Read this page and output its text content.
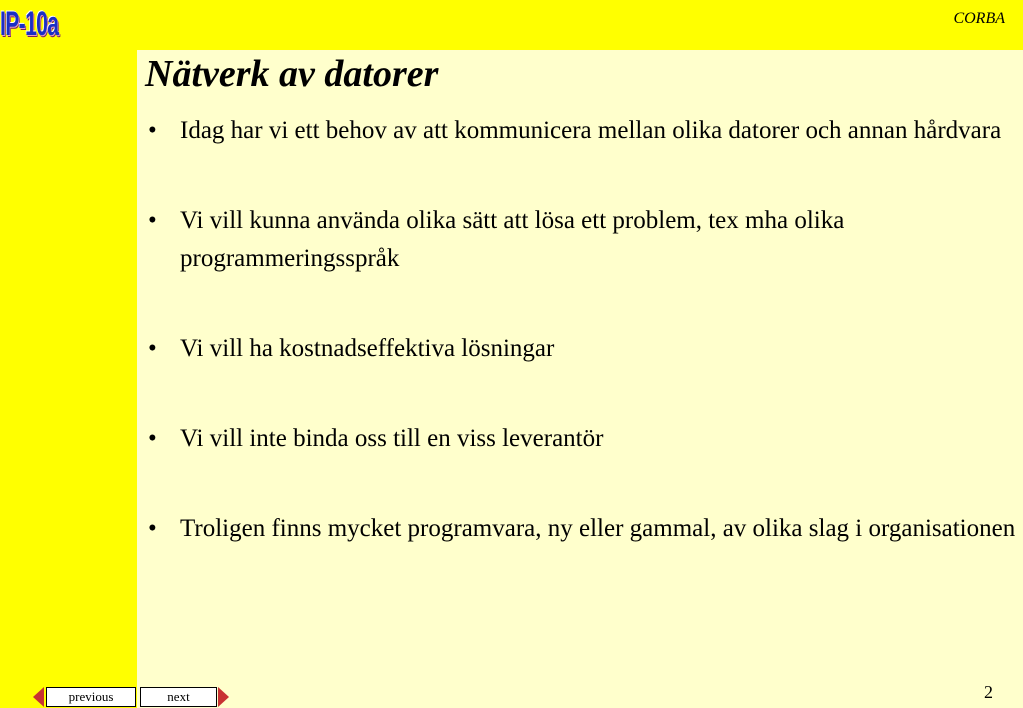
IP-10a	CORBA
Nätverk av datorer
• Idag har vi ett behov av att kommunicera mellan olika datorer och annan hårdvara
• Vi vill kunna använda olika sätt att lösa ett problem, tex mha olika programmeringsspråk
• Vi vill ha kostnadseffektiva lösningar
• Vi vill inte binda oss till en viss leverantör
• Troligen finns mycket programvara, ny eller gammal, av olika slag i organisationen
2
previous	next
